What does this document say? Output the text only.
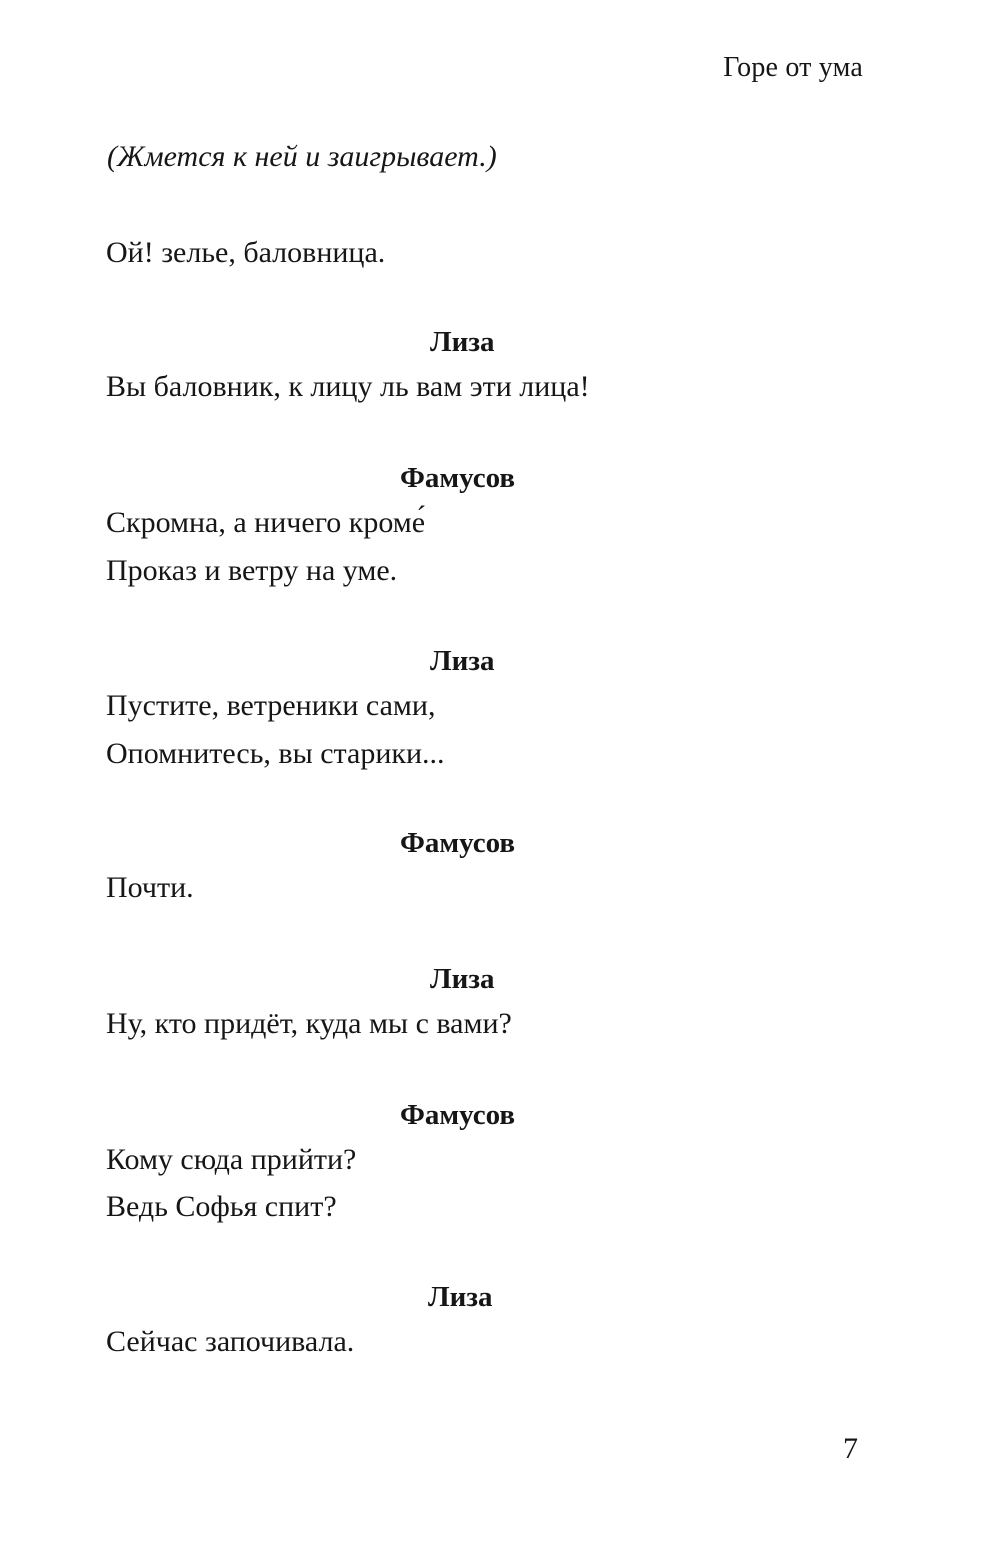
Горе от ума
(Жмется к ней и заигрывает.)
Ой! зелье, баловница.
Лиза
Вы баловник, к лицу ль вам эти лица!
Фамусов
Скромна, а ничего кроме́
Проказ и ветру на уме.
Лиза
Пустите, ветреники сами,
Опомнитесь, вы старики...
Фамусов
Почти.
Лиза
Ну, кто придёт, куда мы с вами?
Фамусов
Кому сюда прийти?
Ведь Софья спит?
Лиза
Сейчас започивала.
7
